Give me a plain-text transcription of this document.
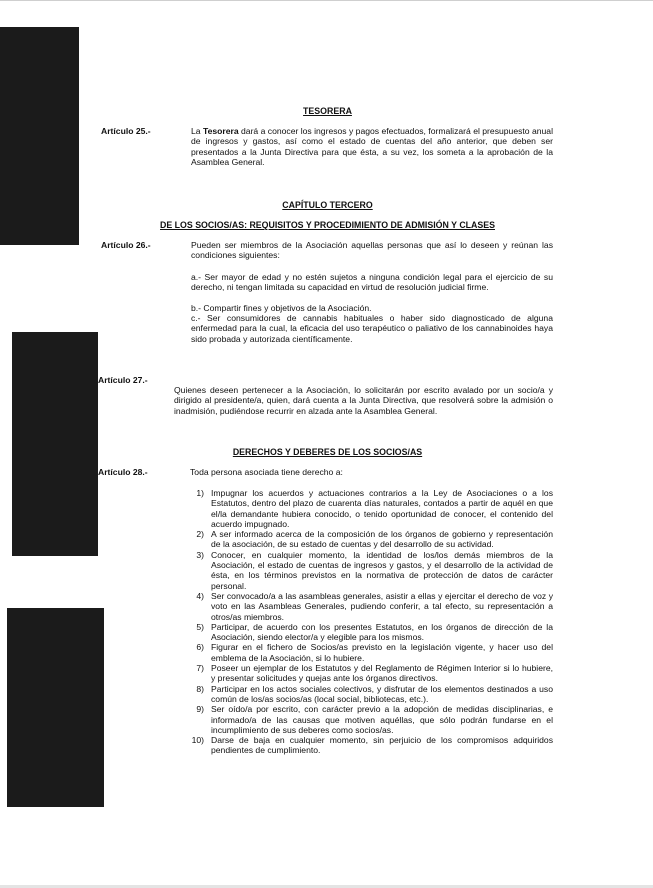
TESORERA
Artículo 25.-	La Tesorera dará a conocer los ingresos y pagos efectuados, formalizará el presupuesto anual de ingresos y gastos, así como el estado de cuentas del año anterior, que deben ser presentados a la Junta Directiva para que ésta, a su vez, los someta a la aprobación de la Asamblea General.
CAPÍTULO TERCERO
DE LOS SOCIOS/AS: REQUISITOS Y PROCEDIMIENTO DE ADMISIÓN Y CLASES
Artículo 26.-	Pueden ser miembros de la Asociación aquellas personas que así lo deseen y reúnan las condiciones siguientes:
a.- Ser mayor de edad y no estén sujetos a ninguna condición legal para el ejercicio de su derecho, ni tengan limitada su capacidad en virtud de resolución judicial firme.
b.- Compartir fines y objetivos de la Asociación.
c.- Ser consumidores de cannabis habituales o haber sido diagnosticado de alguna enfermedad para la cual, la eficacia del uso terapéutico o paliativo de los cannabinoides haya sido probada y autorizada científicamente.
Artículo 27.-
Quienes deseen pertenecer a la Asociación, lo solicitarán por escrito avalado por un socio/a y dirigido al presidente/a, quien, dará cuenta a la Junta Directiva, que resolverá sobre la admisión o inadmisión, pudiéndose recurrir en alzada ante la Asamblea General.
DERECHOS Y DEBERES DE LOS SOCIOS/AS
Artículo 28.-	Toda persona asociada tiene derecho a:
1) Impugnar los acuerdos y actuaciones contrarios a la Ley de Asociaciones o a los Estatutos, dentro del plazo de cuarenta días naturales, contados a partir de aquél en que el/la demandante hubiera conocido, o tenido oportunidad de conocer, el contenido del acuerdo impugnado.
2) A ser informado acerca de la composición de los órganos de gobierno y representación de la asociación, de su estado de cuentas y del desarrollo de su actividad.
3) Conocer, en cualquier momento, la identidad de los/los demás miembros de la Asociación, el estado de cuentas de ingresos y gastos, y el desarrollo de la actividad de ésta, en los términos previstos en la normativa de protección de datos de carácter personal.
4) Ser convocado/a a las asambleas generales, asistir a ellas y ejercitar el derecho de voz y voto en las Asambleas Generales, pudiendo conferir, a tal efecto, su representación a otros/as miembros.
5) Participar, de acuerdo con los presentes Estatutos, en los órganos de dirección de la Asociación, siendo elector/a y elegible para los mismos.
6) Figurar en el fichero de Socios/as previsto en la legislación vigente, y hacer uso del emblema de la Asociación, si lo hubiere.
7) Poseer un ejemplar de los Estatutos y del Reglamento de Régimen Interior si lo hubiere, y presentar solicitudes y quejas ante los órganos directivos.
8) Participar en los actos sociales colectivos, y disfrutar de los elementos destinados a uso común de los/as socios/as (local social, bibliotecas, etc.).
9) Ser oído/a por escrito, con carácter previo a la adopción de medidas disciplinarias, e informado/a de las causas que motiven aquéllas, que sólo podrán fundarse en el incumplimiento de sus deberes como socios/as.
10) Darse de baja en cualquier momento, sin perjuicio de los compromisos adquiridos pendientes de cumplimiento.
